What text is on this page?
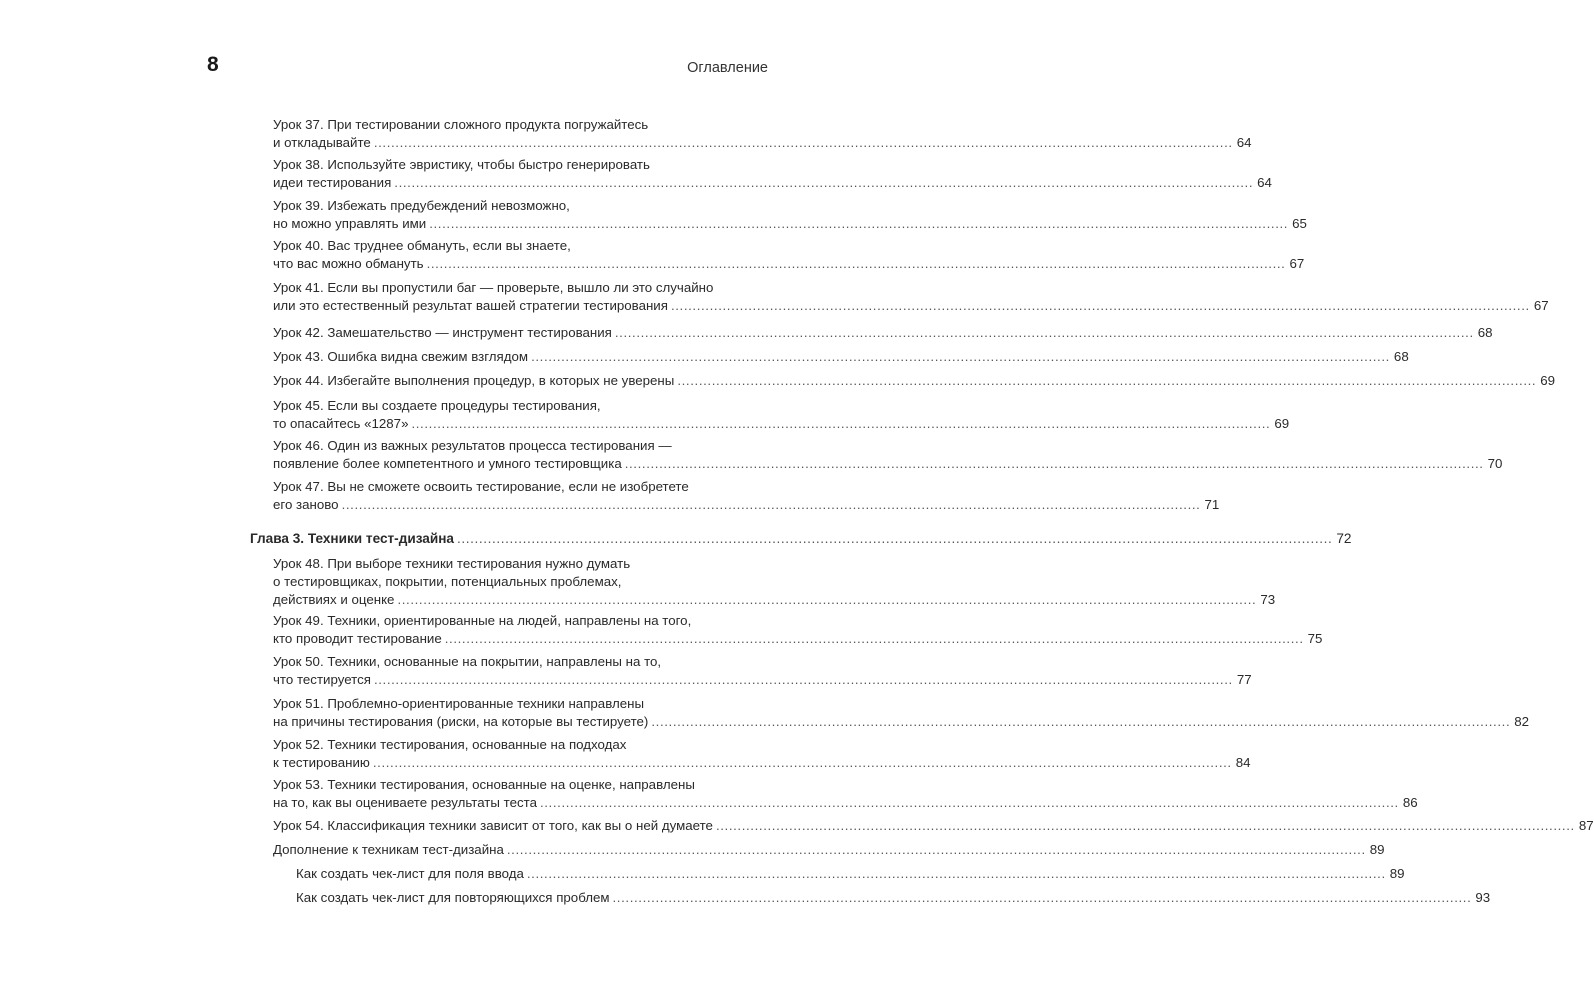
8	Оглавление
Урок 37. При тестировании сложного продукта погружайтесь
и откладывайте ........................................................................................................................................................................................................ 64
Урок 38. Используйте эвристику, чтобы быстро генерировать
идеи тестирования ........................................................................................................................................................................................................ 64
Урок 39. Избежать предубеждений невозможно,
но можно управлять ими ........................................................................................................................................................................................................ 65
Урок 40. Вас труднее обмануть, если вы знаете,
что вас можно обмануть ........................................................................................................................................................................................................ 67
Урок 41. Если вы пропустили баг — проверьте, вышло ли это случайно
или это естественный результат вашей стратегии тестирования ........................................................................................................................................................................................................ 67
Урок 42. Замешательство — инструмент тестирования ........................................................................................................................................................................................................ 68
Урок 43. Ошибка видна свежим взглядом ........................................................................................................................................................................................................ 68
Урок 44. Избегайте выполнения процедур, в которых не уверены ........................................................................................................................................................................................................ 69
Урок 45. Если вы создаете процедуры тестирования,
то опасайтесь «1287» ........................................................................................................................................................................................................ 69
Урок 46. Один из важных результатов процесса тестирования —
появление более компетентного и умного тестировщика ........................................................................................................................................................................................................ 70
Урок 47. Вы не сможете освоить тестирование, если не изобретете
его заново ........................................................................................................................................................................................................ 71
Глава 3. Техники тест-дизайна ........................................................................................................................................................................................................ 72
Урок 48. При выборе техники тестирования нужно думать
о тестировщиках, покрытии, потенциальных проблемах,
действиях и оценке ........................................................................................................................................................................................................ 73
Урок 49. Техники, ориентированные на людей, направлены на того,
кто проводит тестирование ........................................................................................................................................................................................................ 75
Урок 50. Техники, основанные на покрытии, направлены на то,
что тестируется ........................................................................................................................................................................................................ 77
Урок 51. Проблемно-ориентированные техники направлены
на причины тестирования (риски, на которые вы тестируете) ........................................................................................................................................................................................................ 82
Урок 52. Техники тестирования, основанные на подходах
к тестированию ........................................................................................................................................................................................................ 84
Урок 53. Техники тестирования, основанные на оценке, направлены
на то, как вы оцениваете результаты теста ........................................................................................................................................................................................................ 86
Урок 54. Классификация техники зависит от того, как вы о ней думаете ........................................................................................................................................................................................................ 87
Дополнение к техникам тест-дизайна ........................................................................................................................................................................................................ 89
Как создать чек-лист для поля ввода ........................................................................................................................................................................................................ 89
Как создать чек-лист для повторяющихся проблем ........................................................................................................................................................................................................ 93
